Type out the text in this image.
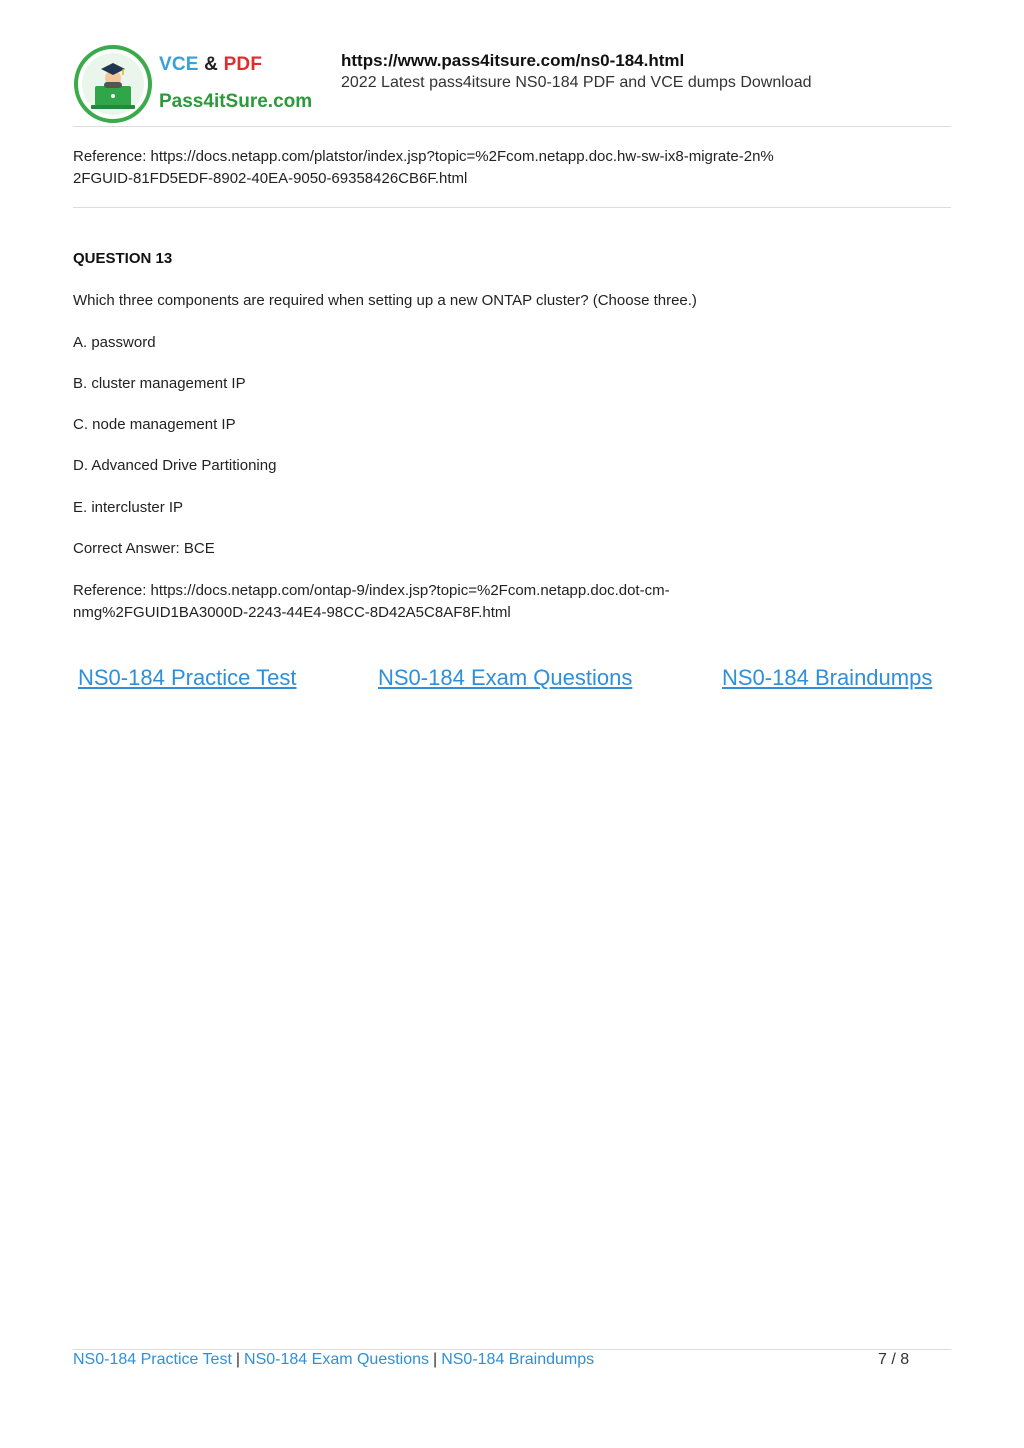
VCE & PDF
Pass4itSure.com
https://www.pass4itsure.com/ns0-184.html
2022 Latest pass4itsure NS0-184 PDF and VCE dumps Download
Reference: https://docs.netapp.com/platstor/index.jsp?topic=%2Fcom.netapp.doc.hw-sw-ix8-migrate-2n%
2FGUID-81FD5EDF-8902-40EA-9050-69358426CB6F.html
QUESTION 13
Which three components are required when setting up a new ONTAP cluster? (Choose three.)
A. password
B. cluster management IP
C. node management IP
D. Advanced Drive Partitioning
E. intercluster IP
Correct Answer: BCE
Reference: https://docs.netapp.com/ontap-9/index.jsp?topic=%2Fcom.netapp.doc.dot-cm-
nmg%2FGUID1BA3000D-2243-44E4-98CC-8D42A5C8AF8F.html
NS0-184 Practice Test	NS0-184 Exam Questions	NS0-184 Braindumps
NS0-184 Practice Test | NS0-184 Exam Questions | NS0-184 Braindumps	7 / 8
